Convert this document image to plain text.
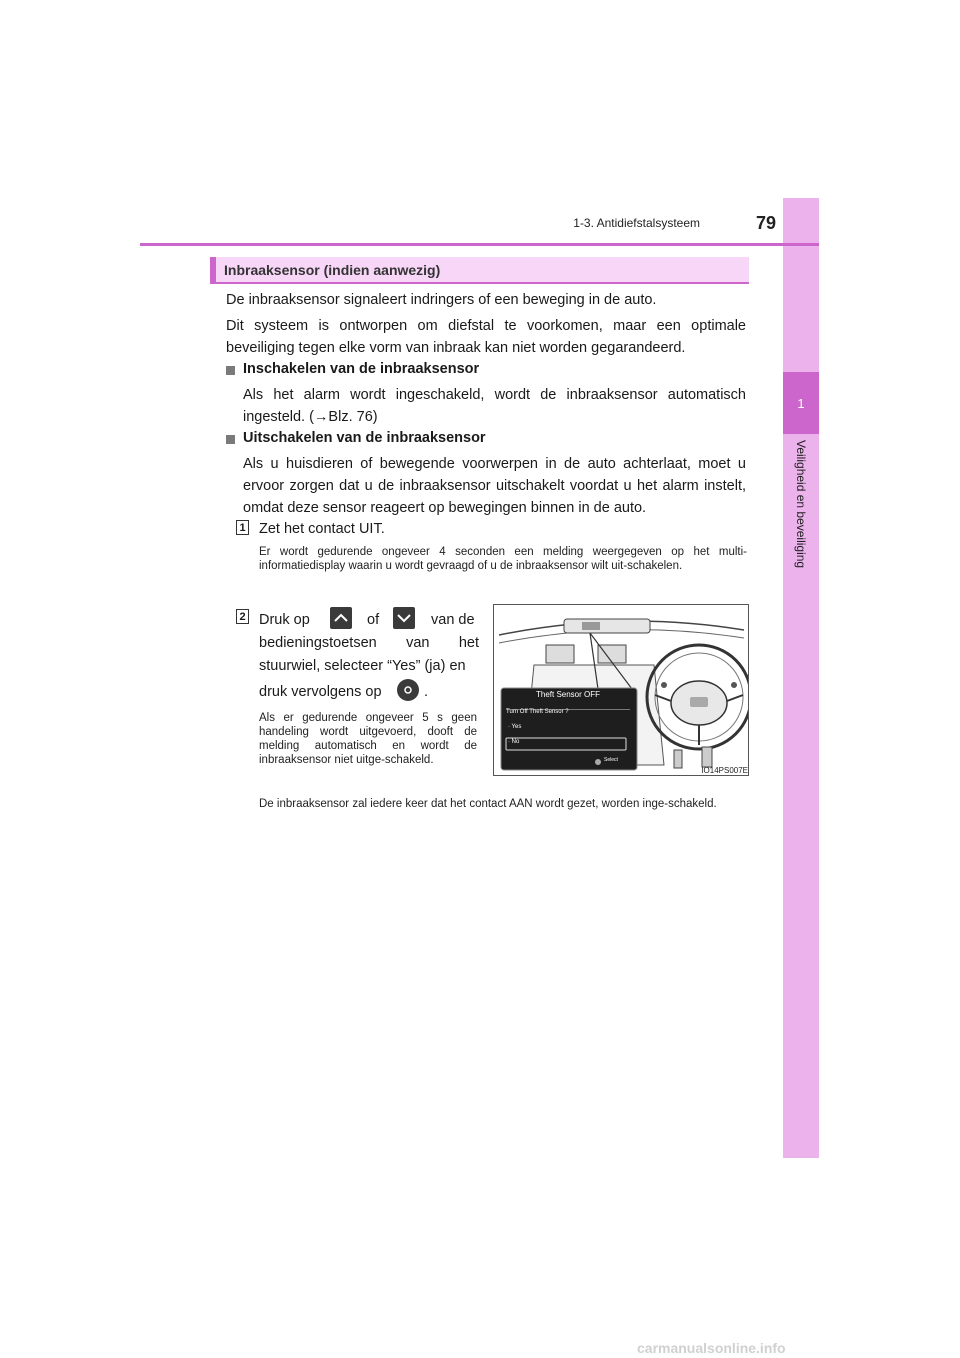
1
Veiligheid en beveiliging
1-3. Antidiefstalsysteem	79
Inbraaksensor (indien aanwezig)
De inbraaksensor signaleert indringers of een beweging in de auto.
Dit systeem is ontworpen om diefstal te voorkomen, maar een optimale beveiliging tegen elke vorm van inbraak kan niet worden gegarandeerd.
Inschakelen van de inbraaksensor
Als het alarm wordt ingeschakeld, wordt de inbraaksensor automatisch ingesteld. (→Blz. 76)
Uitschakelen van de inbraaksensor
Als u huisdieren of bewegende voorwerpen in de auto achterlaat, moet u ervoor zorgen dat u de inbraaksensor uitschakelt voordat u het alarm instelt, omdat deze sensor reageert op bewegingen binnen in de auto.
1 Zet het contact UIT.
Er wordt gedurende ongeveer 4 seconden een melding weergegeven op het multi-informatiedisplay waarin u wordt gevraagd of u de inbraaksensor wilt uit-schakelen.
2 Druk op	of	van de
bedieningstoetsen van het
stuurwiel, selecteer “Yes” (ja) en
druk vervolgens op	.
Als er gedurende ongeveer 5 s geen handeling wordt uitgevoerd, dooft de melding automatisch en wordt de inbraaksensor niet uitge-schakeld.
Theft Sensor OFF
Turn Off Theft Sensor ?
· Yes
· No
Select
IO14PS007E
De inbraaksensor zal iedere keer dat het contact AAN wordt gezet, worden inge-schakeld.
carmanualsonline.info
